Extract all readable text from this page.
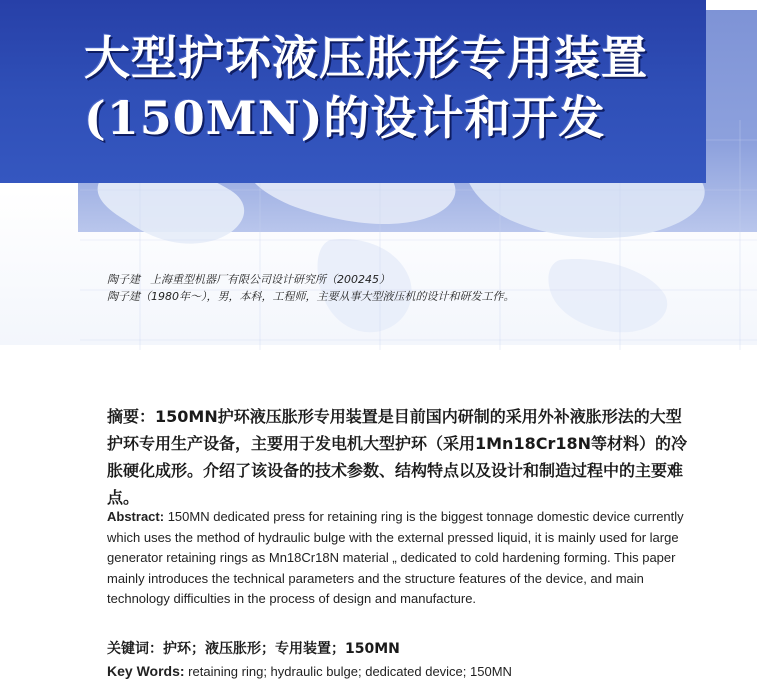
大型护环液压胀形专用装置
(150MN)的设计和开发
陶子建 上海重型机器厂有限公司设计研究所（200245）
陶子建（1980年～），男，本科，工程师，主要从事大型液压机的设计和研发工作。

摘要：150MN护环液压胀形专用装置是目前国内研制的采用外补液胀形法的大型护环专用生产设备，主要用于发电机大型护环（采用1Mn18Cr18N等材料）的冷胀硬化成形。介绍了该设备的技术参数、结构特点以及设计和制造过程中的主要难点。

Abstract: 150MN dedicated press for retaining ring is the biggest tonnage domestic device currently which uses the method of hydraulic bulge with the external pressed liquid, it is mainly used for large generator retaining rings as Mn18Cr18N material „ dedicated to cold hardening forming. This paper mainly introduces the technical parameters and the structure features of the device, and main technology difficulties in the process of design and manufacture.

关键词：护环；液压胀形；专用装置；150MN

Key Words: retaining ring; hydraulic bulge; dedicated device; 150MN
